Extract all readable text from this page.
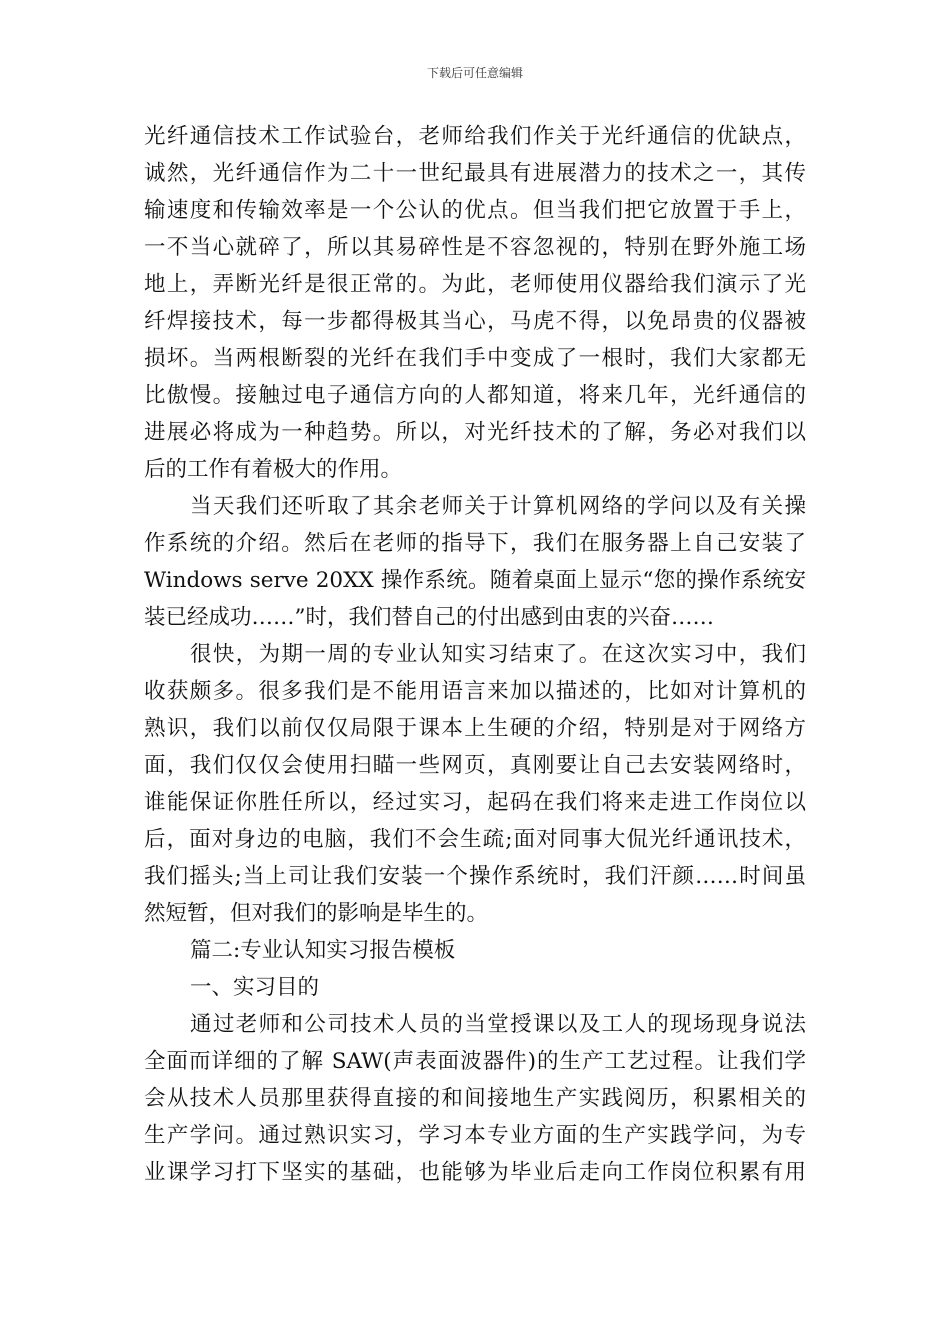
下载后可任意编辑
光纤通信技术工作试验台，老师给我们作关于光纤通信的优缺点，
诚然，光纤通信作为二十一世纪最具有进展潜力的技术之一，其传
输速度和传输效率是一个公认的优点。但当我们把它放置于手上，
一不当心就碎了，所以其易碎性是不容忽视的，特别在野外施工场
地上，弄断光纤是很正常的。为此，老师使用仪器给我们演示了光
纤焊接技术，每一步都得极其当心，马虎不得，以免昂贵的仪器被
损坏。当两根断裂的光纤在我们手中变成了一根时，我们大家都无
比傲慢。接触过电子通信方向的人都知道，将来几年，光纤通信的
进展必将成为一种趋势。所以，对光纤技术的了解，务必对我们以
后的工作有着极大的作用。
当天我们还听取了其余老师关于计算机网络的学问以及有关操
作系统的介绍。然后在老师的指导下，我们在服务器上自己安装了
Windows serve 20XX 操作系统。随着桌面上显示“您的操作系统安
装已经成功……”时，我们替自己的付出感到由衷的兴奋……
很快，为期一周的专业认知实习结束了。在这次实习中，我们
收获颇多。很多我们是不能用语言来加以描述的，比如对计算机的
熟识，我们以前仅仅局限于课本上生硬的介绍，特别是对于网络方
面，我们仅仅会使用扫瞄一些网页，真刚要让自己去安装网络时，
谁能保证你胜任所以，经过实习，起码在我们将来走进工作岗位以
后，面对身边的电脑，我们不会生疏;面对同事大侃光纤通讯技术，
我们摇头;当上司让我们安装一个操作系统时，我们汗颜……时间虽
然短暂，但对我们的影响是毕生的。
篇二:专业认知实习报告模板
一、实习目的
通过老师和公司技术人员的当堂授课以及工人的现场现身说法
全面而详细的了解 SAW(声表面波器件)的生产工艺过程。让我们学
会从技术人员那里获得直接的和间接地生产实践阅历，积累相关的
生产学问。通过熟识实习，学习本专业方面的生产实践学问，为专
业课学习打下坚实的基础，也能够为毕业后走向工作岗位积累有用
